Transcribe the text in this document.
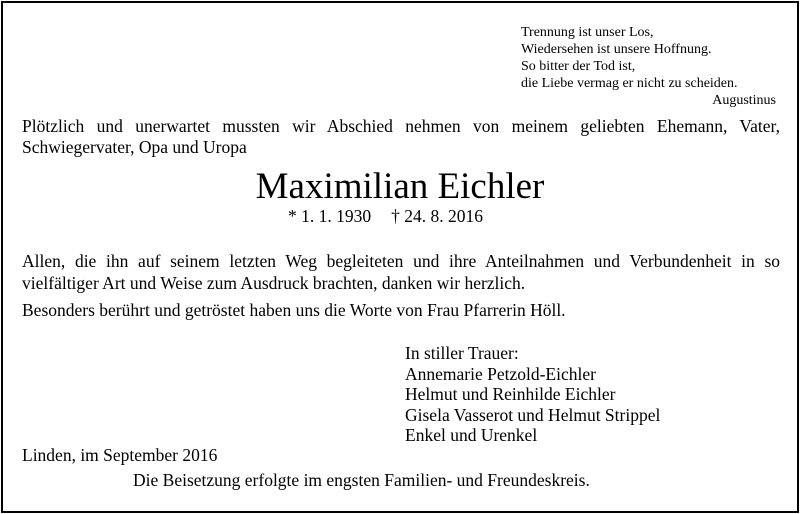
Trennung ist unser Los,
Wiedersehen ist unsere Hoffnung.
So bitter der Tod ist,
die Liebe vermag er nicht zu scheiden.
Augustinus
Plötzlich und unerwartet mussten wir Abschied nehmen von meinem geliebten Ehemann, Vater, Schwiegervater, Opa und Uropa
Maximilian Eichler
* 1. 1. 1930 † 24. 8. 2016
Allen, die ihn auf seinem letzten Weg begleiteten und ihre Anteilnahmen und Verbundenheit in so vielfältiger Art und Weise zum Ausdruck brachten, danken wir herzlich.
Besonders berührt und getröstet haben uns die Worte von Frau Pfarrerin Höll.
In stiller Trauer:
Annemarie Petzold-Eichler
Helmut und Reinhilde Eichler
Gisela Vasserot und Helmut Strippel
Enkel und Urenkel
Linden, im September 2016
Die Beisetzung erfolgte im engsten Familien- und Freundeskreis.
